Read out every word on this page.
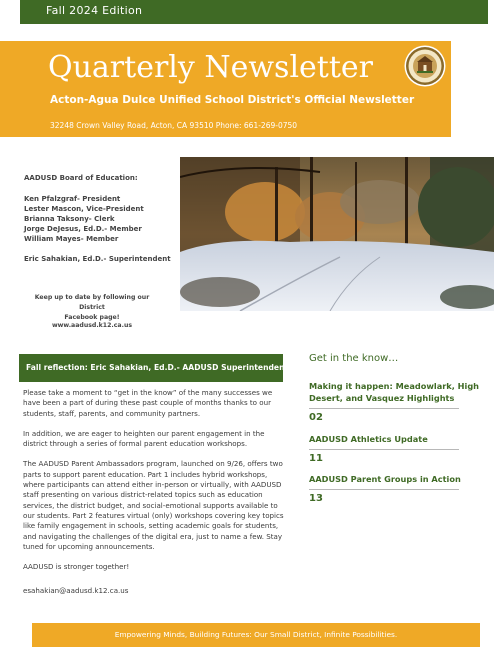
Fall 2024 Edition
Quarterly Newsletter
Acton-Agua Dulce Unified School District's Official Newsletter
32248 Crown Valley Road, Acton, CA 93510 Phone: 661-269-0750
AADUSD Board of Education:
Ken Pfalzgraf- President
Lester Mascon, Vice-President
Brianna Taksony- Clerk
Jorge DeJesus, Ed.D.- Member
William Mayes- Member
Eric Sahakian, Ed.D.- Superintendent
Keep up to date by following our District
Facebook page!
www.aadusd.k12.ca.us
Fall reflection: Eric Sahakian, Ed.D.- AADUSD Superintendent

Please take a moment to “get in the know” of the many successes we have been a part of during these past couple of months thanks to our students, staff, parents, and community partners.

In addition, we are eager to heighten our parent engagement in the district through a series of formal parent education workshops.

The AADUSD Parent Ambassadors program, launched on 9/26, offers two parts to support parent education. Part 1 includes hybrid workshops, where participants can attend either in-person or virtually, with AADUSD staff presenting on various district-related topics such as education services, the district budget, and social-emotional supports available to our students. Part 2 features virtual (only) workshops covering key topics like family engagement in schools, setting academic goals for students, and navigating the challenges of the digital era, just to name a few. Stay tuned for upcoming announcements.

AADUSD is stronger together!

esahakian@aadusd.k12.ca.us

Get in the know…
Making it happen: Meadowlark, High Desert, and Vasquez Highlights
02
AADUSD Athletics Update
11
AADUSD Parent Groups in Action
13
Empowering Minds, Building Futures: Our Small District, Infinite Possibilities.
